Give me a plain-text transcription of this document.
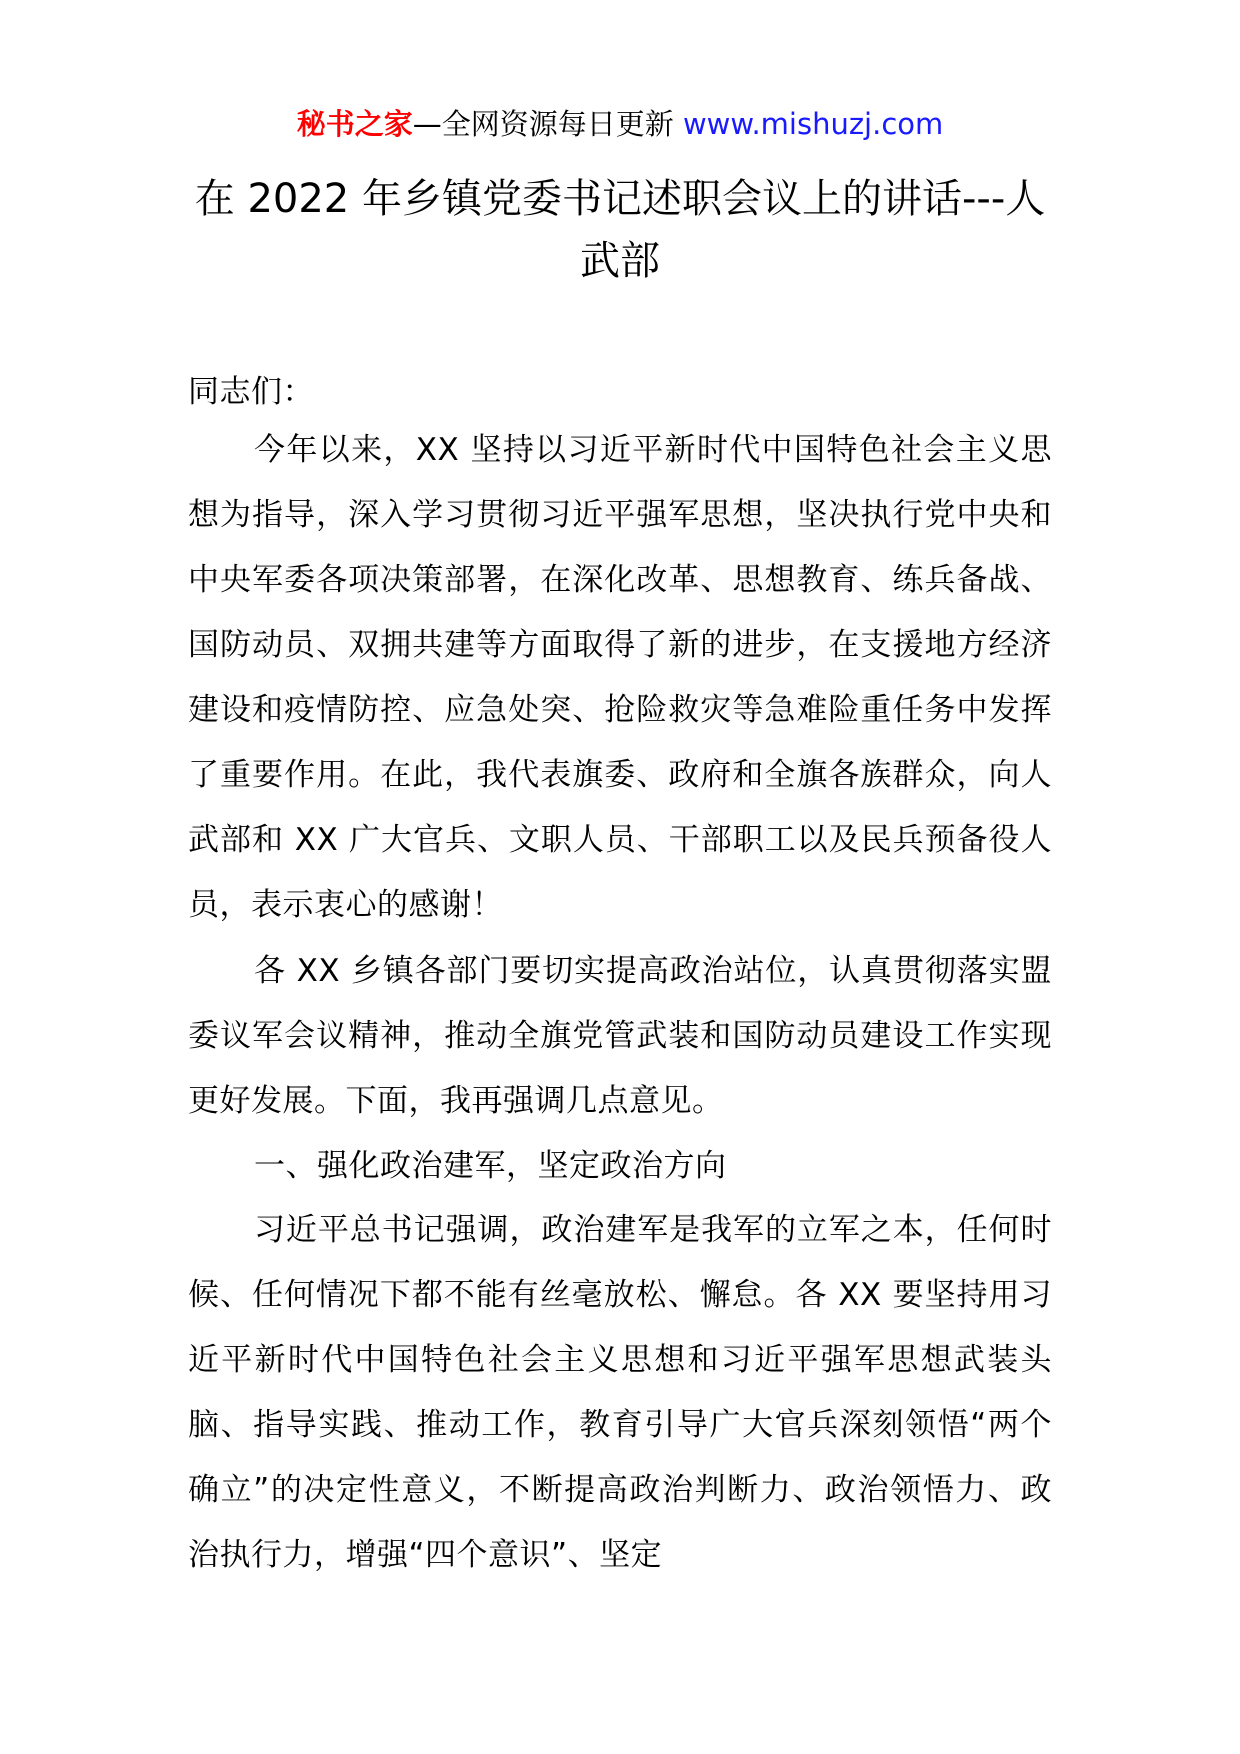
秘书之家—全网资源每日更新 www.mishuzj.com
在 2022 年乡镇党委书记述职会议上的讲话---人武部
同志们：
今年以来，XX 坚持以习近平新时代中国特色社会主义思想为指导，深入学习贯彻习近平强军思想，坚决执行党中央和中央军委各项决策部署，在深化改革、思想教育、练兵备战、国防动员、双拥共建等方面取得了新的进步，在支援地方经济建设和疫情防控、应急处突、抢险救灾等急难险重任务中发挥了重要作用。在此，我代表旗委、政府和全旗各族群众，向人武部和 XX 广大官兵、文职人员、干部职工以及民兵预备役人员，表示衷心的感谢！
各 XX 乡镇各部门要切实提高政治站位，认真贯彻落实盟委议军会议精神，推动全旗党管武装和国防动员建设工作实现更好发展。下面，我再强调几点意见。
一、强化政治建军，坚定政治方向
习近平总书记强调，政治建军是我军的立军之本，任何时候、任何情况下都不能有丝毫放松、懈怠。各 XX 要坚持用习近平新时代中国特色社会主义思想和习近平强军思想武装头脑、指导实践、推动工作，教育引导广大官兵深刻领悟“两个确立”的决定性意义，不断提高政治判断力、政治领悟力、政治执行力，增强“四个意识”、坚定
